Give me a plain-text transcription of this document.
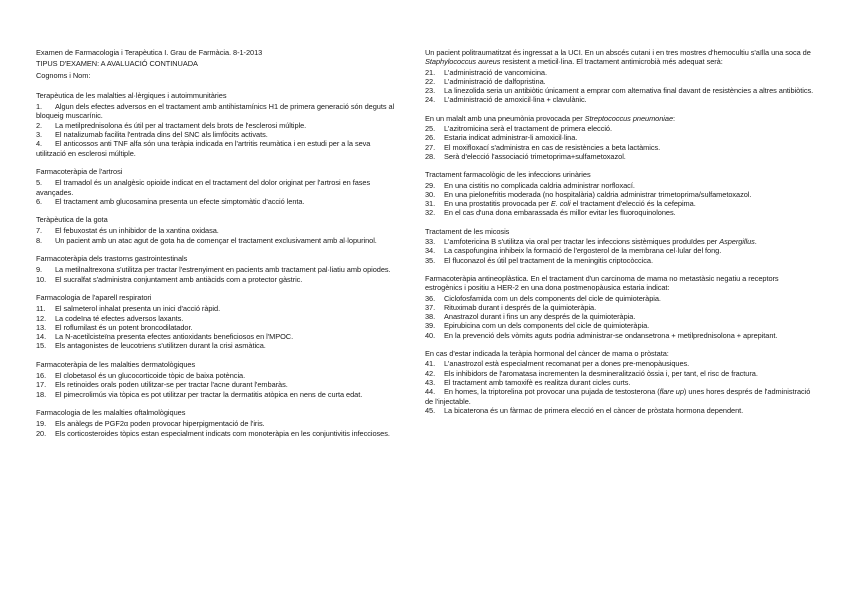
Examen de Farmacologia i Terapèutica I. Grau de Farmàcia. 8-1-2013

TIPUS D'EXAMEN: A AVALUACIÓ CONTINUADA

Cognoms i Nom:

Terapèutica de les malalties al·lèrgiques i autoimmunitàries

1. Algun dels efectes adversos en el tractament amb antihistamínics H1 de primera generació són deguts al bloqueig muscarínic.

2. La metilprednisolona és útil per al tractament dels brots de l'esclerosi múltiple.

3. El natalizumab facilita l'entrada dins del SNC als limfòcits activats.

4. El anticossos anti TNF alfa són una teràpia indicada en l'artritis reumàtica i en estudi per a la seva utilització en esclerosi múltiple.

Farmacoteràpia de l'artrosi

5. El tramadol és un analgèsic opioide indicat en el tractament del dolor originat per l'artrosi en fases avançades.

6. El tractament amb glucosamina presenta un efecte simptomàtic d'acció lenta.

Teràpèutica de la gota

7. El febuxostat és un inhibidor de la xantina oxidasa.

8. Un pacient amb un atac agut de gota ha de començar el tractament exclusivament amb al·lopurinol.

Farmacoteràpia dels trastorns gastrointestinals

9. La metilnaltrexona s'utilitza per tractar l'estrenyiment en pacients amb tractament pal·liatiu amb opiodes.

10. El sucralfat s'administra conjuntament amb antiàcids com a protector gàstric.

Farmacologia de l'aparell respiratori

11. El salmeterol inhalat presenta un inici d'acció ràpid.

12. La codeïna té efectes adversos laxants.

13. El roflumilast és un potent broncodilatador.

14. La N-acetilcisteïna presenta efectes antioxidants beneficiosos en l'MPOC.

15. Els antagonistes de leucotriens s'utilitzen durant la crisi asmàtica.

Farmacoteràpia de les malalties dermatològiques

16. El clobetasol és un glucocorticoide tòpic de baixa potència.

17. Els retinoides orals poden utilitzar-se per tractar l'acne durant l'embaràs.

18. El pimecrolimús via tòpica es pot utilitzar per tractar la dermatitis atòpica en nens de curta edat.

Farmacologia de les malalties oftalmològiques

19. Els anàlegs de PGF2α poden provocar hiperpigmentació de l'iris.

20. Els corticosteroides tòpics estan especialment indicats com monoteràpia en les conjuntivitis infeccioses.

Un pacient politraumatitzat és ingressat a la UCI. En un abscés cutani i en tres mostres d'hemocultiu s'aïlla una soca de Staphylococcus aureus resistent a meticil·lina. El tractament antimicrobià més adequat serà:

21. L'administració de vancomicina.

22. L'administració de dalfopristina.

23. La linezolida seria un antibiòtic únicament a emprar com alternativa final davant de resistències a altres antibiòtics.

24. L'administració de amoxicil·lina + clavulànic.

En un malalt amb una pneumònia provocada per Streptococcus pneumoniae:

25. L'azitromicina serà el tractament de primera elecció.

26. Estaria indicat administrar-li amoxicil·lina.

27. El moxifloxací s'administra en cas de resistències a beta lactàmics.

28. Serà d'elecció l'associació trimetoprima+sulfametoxazol.

Tractament farmacològic de les infeccions urinàries

29. En una cistitis no complicada caldria administrar norfloxací.

30. En una pielonefritis moderada (no hospitalària) caldria administrar trimetoprima/sulfametoxazol.

31. En una prostatitis provocada per E. coli el tractament d'elecció és la cefepima.

32. En el cas d'una dona embarassada és millor evitar les fluoroquinolones.

Tractament de les micosis

33. L'amfotericina B s'utilitza via oral per tractar les infeccions sistèmiques produïdes per Aspergillus.

34. La caspofungina inhibeix la formació de l'ergosterol de la membrana cel·lular del fong.

35. El fluconazol és útil pel tractament de la meningitis criptocòccica.

Farmacoteràpia antineoplàstica. En el tractament d'un carcinoma de mama no metastàsic negatiu a receptors estrogènics i positiu a HER-2 en una dona postmenopàusica estaria indicat:

36. Ciclofosfamida com un dels components del cicle de quimioteràpia.

37. Rituximab durant i després de la quimioteràpia.

38. Anastrazol durant i fins un any després de la quimioteràpia.

39. Epirubicina com un dels components del cicle de quimioteràpia.

40. En la prevenció dels vòmits aguts podria administrar-se ondansetrona + metilprednisolona + aprepitant.

En cas d'estar indicada la teràpia hormonal del càncer de mama o pròstata:

41. L'anastrozol està especialment recomanat per a dones pre-menopàusiques.

42. Els inhibidors de l'aromatasa incrementen la desmineralització òssia i, per tant, el risc de fractura.

43. El tractament amb tamoxifè es realitza durant cicles curts.

44. En homes, la triptorelina pot provocar una pujada de testosterona (flare up) unes hores després de l'administració de l'injectable.

45. La bicaterona és un fàrmac de primera elecció en el càncer de pròstata hormona dependent.
